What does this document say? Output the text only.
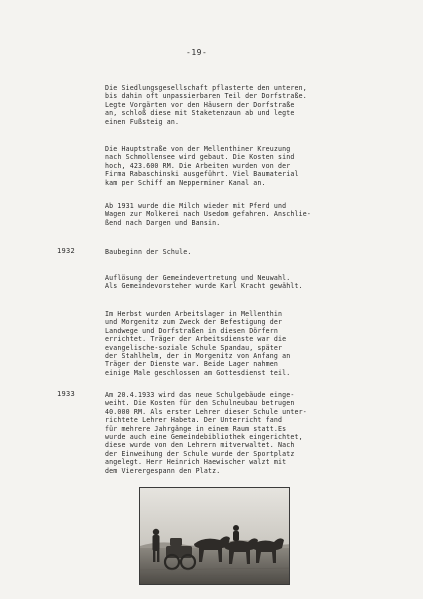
-19-

Die Siedlungsgesellschaft pflasterte den unteren,
bis dahin oft unpassierbaren Teil der Dorfstraße.
Legte Vorgärten vor den Häusern der Dorfstraße
an, schloß diese mit Staketenzaun ab und legte
einen Fußsteig an.

Die Hauptstraße von der Mellenthiner Kreuzung
nach Schmollensee wird gebaut. Die Kosten sind
hoch, 423.600 RM. Die Arbeiten wurden von der
Firma Rabaschinski ausgeführt. Viel Baumaterial
kam per Schiff am Nepperminer Kanal an.

Ab 1931 wurde die Milch wieder mit Pferd und
Wagen zur Molkerei nach Usedom gefahren. Anschlie-
ßend nach Dargen und Bansin.

1932	Baubeginn der Schule.

Auflösung der Gemeindevertretung und Neuwahl.
Als Gemeindevorsteher wurde Karl Kracht gewählt.

Im Herbst wurden Arbeitslager in Mellenthin
und Morgenitz zum Zweck der Befestigung der
Landwege und Dorfstraßen in diesen Dörfern
errichtet. Träger der Arbeitsdienste war die
evangelische-soziale Schule Spandau, später
der Stahlhelm, der in Morgenitz von Anfang an
Träger der Dienste war. Beide Lager nahmen
einige Male geschlossen am Gottesdienst teil.

1933	Am 20.4.1933 wird das neue Schulgebäude einge-
weiht. Die Kosten für den Schulneubau betrugen
40.000 RM. Als erster Lehrer dieser Schule unter-
richtete Lehrer Habeta. Der Unterricht fand
für mehrere Jahrgänge in einem Raum statt.Es
wurde auch eine Gemeindebibliothek eingerichtet,
diese wurde von den Lehrern mitverwaltet. Nach
der Einweihung der Schule wurde der Sportplatz
angelegt. Herr Heinrich Haewischer walzt mit
dem Vierergespann den Platz.
